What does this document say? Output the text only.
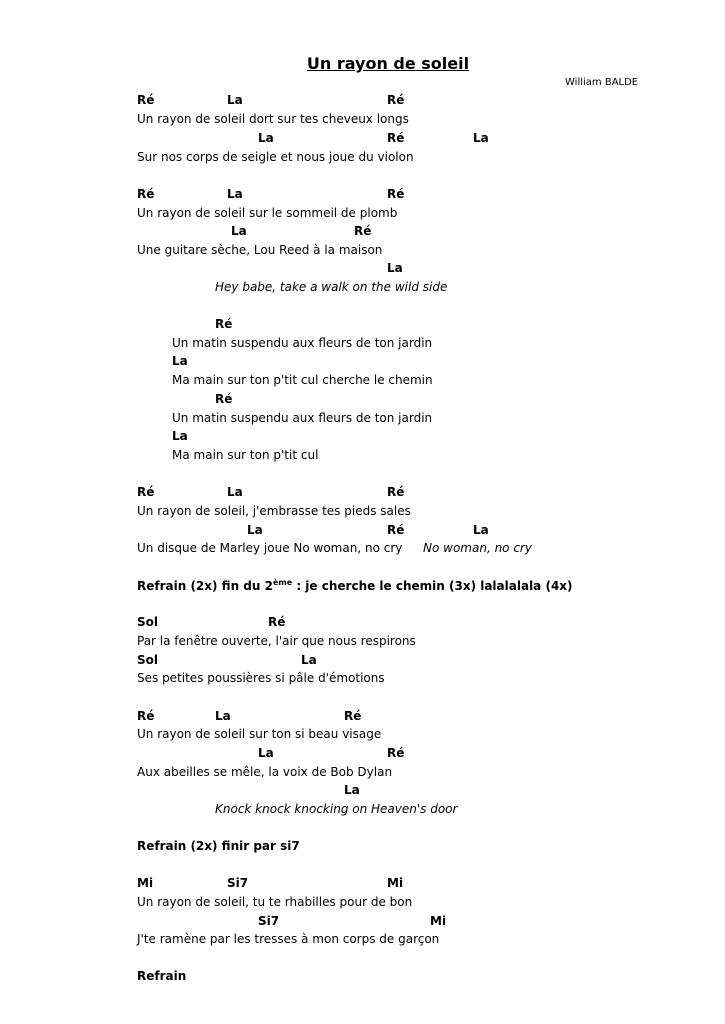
Un rayon de soleil
William BALDE
Ré	La	Ré
Un rayon de soleil dort sur tes cheveux longs
La	Ré	La
Sur nos corps de seigle et nous joue du violon
Ré	La	Ré
Un rayon de soleil sur le sommeil de plomb
La	Ré
Une guitare sèche, Lou Reed à la maison
La
Hey babe, take a walk on the wild side
Ré
Un matin suspendu aux fleurs de ton jardin
La
Ma main sur ton p'tit cul cherche le chemin
Ré
Un matin suspendu aux fleurs de ton jardin
La
Ma main sur ton p'tit cul
Ré	La	Ré
Un rayon de soleil, j'embrasse tes pieds sales
La	Ré	La
Un disque de Marley joue No woman, no cry No woman, no cry
Refrain (2x) fin du 2ème : je cherche le chemin (3x) lalalalala (4x)
Sol	Ré
Par la fenêtre ouverte, l'air que nous respirons
Sol	La
Ses petites poussières si pâle d'émotions
Ré	La	Ré
Un rayon de soleil sur ton si beau visage
La	Ré
Aux abeilles se mêle, la voix de Bob Dylan
La
Knock knock knocking on Heaven's door
Refrain (2x) finir par si7
Mi	Si7	Mi
Un rayon de soleil, tu te rhabilles pour de bon
Si7	Mi
J'te ramène par les tresses à mon corps de garçon
Refrain
